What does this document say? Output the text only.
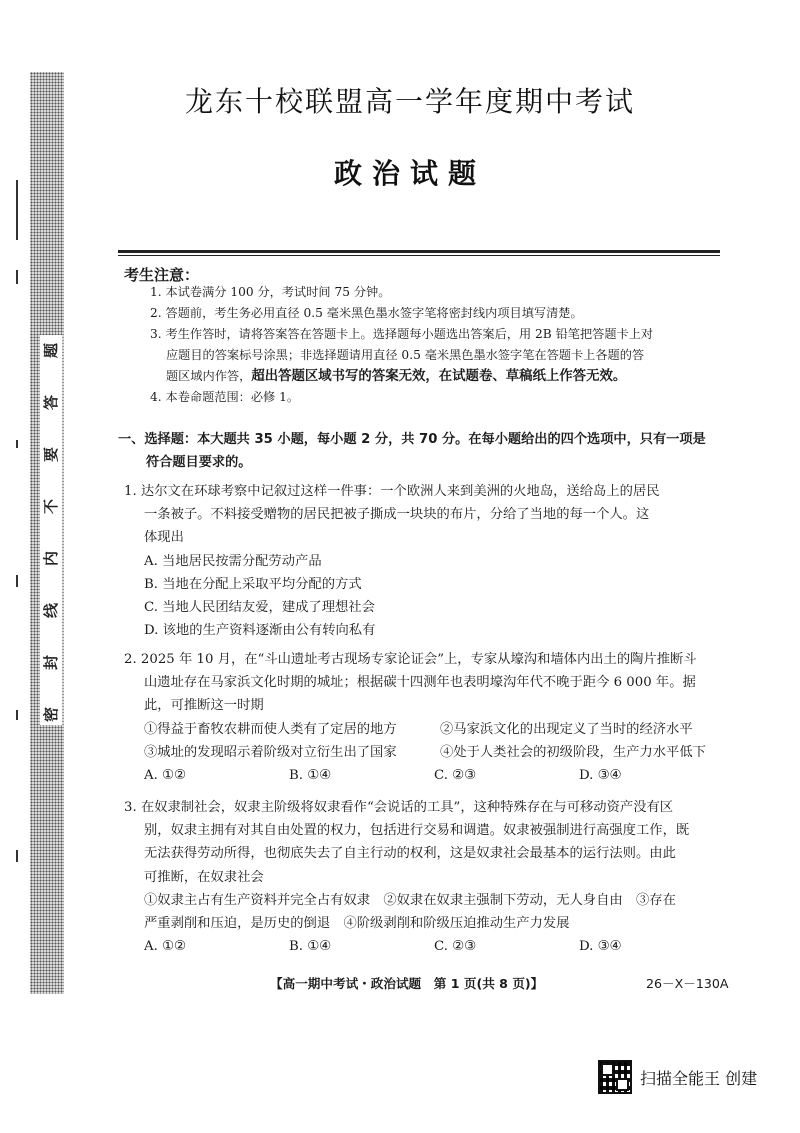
密
封
线
内
不
要
答
题
龙东十校联盟高一学年度期中考试
政治试题
考生注意：
1. 本试卷满分 100 分，考试时间 75 分钟。
2. 答题前，考生务必用直径 0.5 毫米黑色墨水签字笔将密封线内项目填写清楚。
3. 考生作答时，请将答案答在答题卡上。选择题每小题选出答案后，用 2B 铅笔把答题卡上对
应题目的答案标号涂黑；非选择题请用直径 0.5 毫米黑色墨水签字笔在答题卡上各题的答
题区域内作答，超出答题区域书写的答案无效，在试题卷、草稿纸上作答无效。
4. 本卷命题范围：必修 1。
一、选择题：本大题共 35 小题，每小题 2 分，共 70 分。在每小题给出的四个选项中，只有一项是
符合题目要求的。
1. 达尔文在环球考察中记叙过这样一件事：一个欧洲人来到美洲的火地岛，送给岛上的居民
一条被子。不料接受赠物的居民把被子撕成一块块的布片，分给了当地的每一个人。这
体现出
A. 当地居民按需分配劳动产品
B. 当地在分配上采取平均分配的方式
C. 当地人民团结友爱，建成了理想社会
D. 该地的生产资料逐渐由公有转向私有
2. 2025 年 10 月，在“斗山遗址考古现场专家论证会”上，专家从壕沟和墙体内出土的陶片推断斗
山遗址存在马家浜文化时期的城址；根据碳十四测年也表明壕沟年代不晚于距今 6 000 年。据
此，可推断这一时期
①得益于畜牧农耕而使人类有了定居的地方	②马家浜文化的出现定义了当时的经济水平
③城址的发现昭示着阶级对立衍生出了国家	④处于人类社会的初级阶段，生产力水平低下
A. ①②	B. ①④	C. ②③	D. ③④
3. 在奴隶制社会，奴隶主阶级将奴隶看作“会说话的工具”，这种特殊存在与可移动资产没有区
别，奴隶主拥有对其自由处置的权力，包括进行交易和调遣。奴隶被强制进行高强度工作，既
无法获得劳动所得，也彻底失去了自主行动的权利，这是奴隶社会最基本的运行法则。由此
可推断，在奴隶社会
①奴隶主占有生产资料并完全占有奴隶　②奴隶在奴隶主强制下劳动，无人身自由　③存在
严重剥削和压迫，是历史的倒退　④阶级剥削和阶级压迫推动生产力发展
A. ①②	B. ①④	C. ②③	D. ③④
【高一期中考试・政治试题　第 1 页(共 8 页)】	26－X－130A
扫描全能王 创建
